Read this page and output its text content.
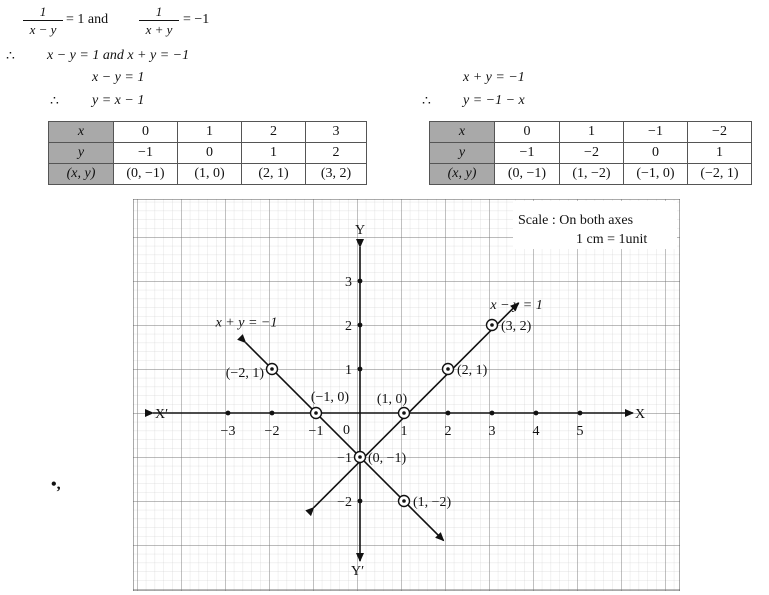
1
x − y
= 1 and
1
x + y
= −1
∴ x − y = 1 and x + y = −1
x − y = 1
∴ y = x − 1
x + y = −1
∴ y = −1 − x
x	0	1	2	3
y	−1	0	1	2
(x, y)	(0, −1)	(1, 0)	(2, 1)	(3, 2)
x	0	1	−1	−2
y	−1	−2	0	1
(x, y)	(0, −1)	(1, −2)	(−1, 0)	(−2, 1)
•,
Scale : On both axes
1 cm = 1unit
X′	X
Y
Y′
0
−3 −2 −1	1	2	3	4	5
3
2
1
−1
−2
(0, −1)
(1, 0)
(2, 1)
(3, 2)
(1, −2)
(−1, 0)
(−2, 1)
x − y = 1
x + y = −1
